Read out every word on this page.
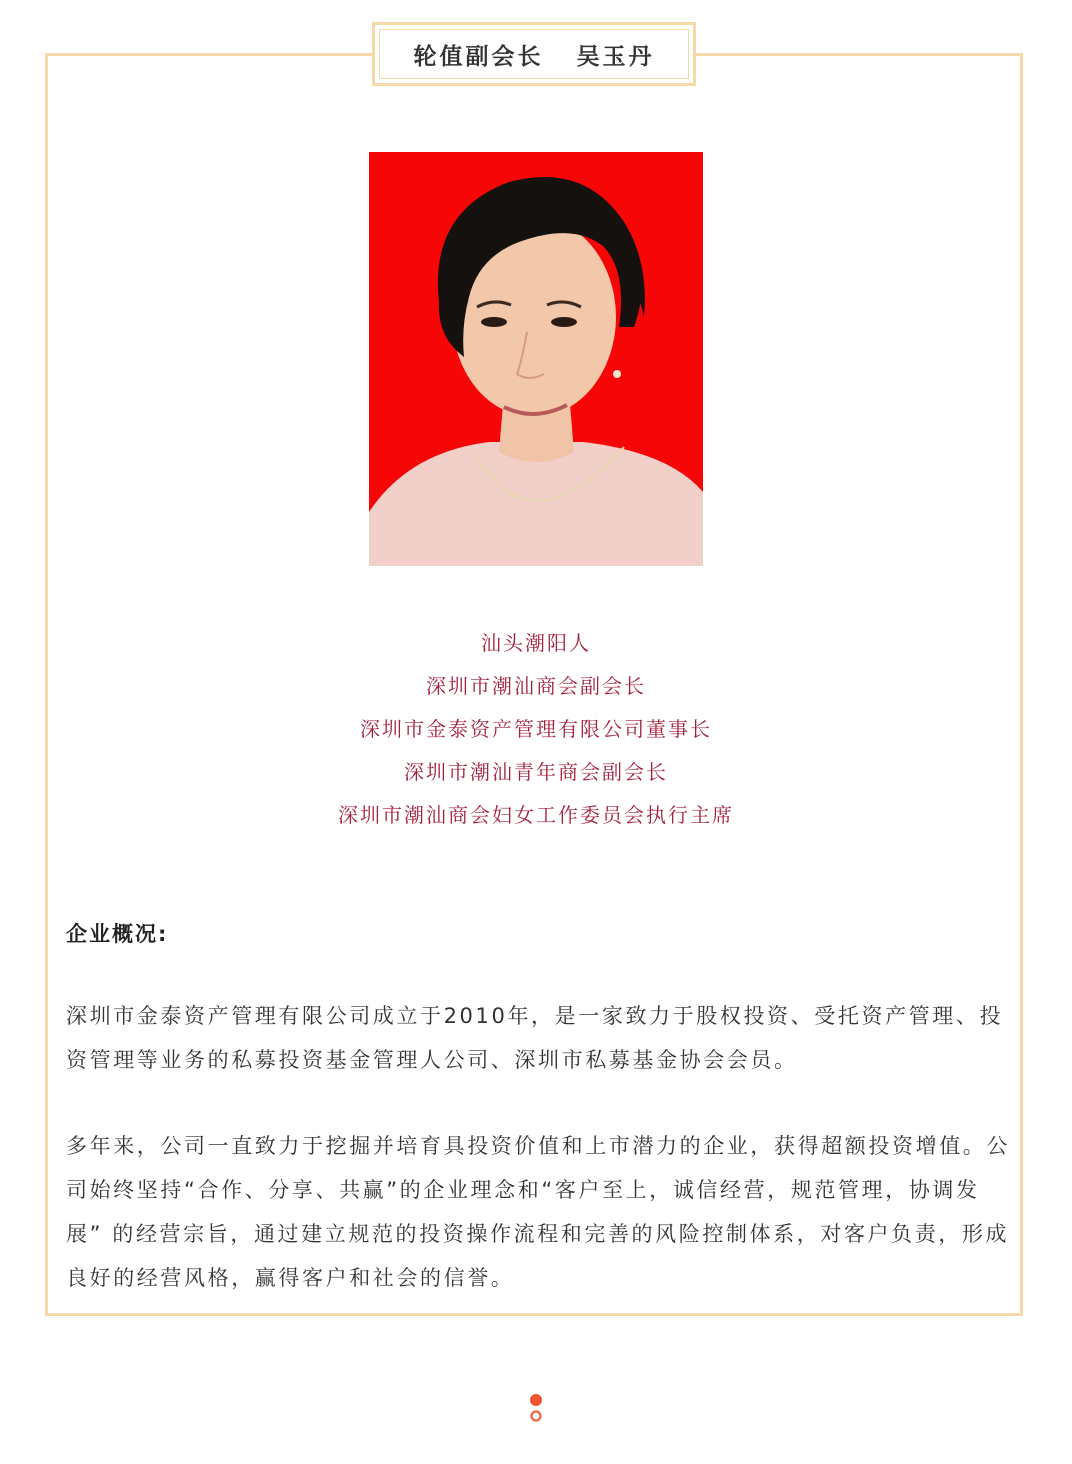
轮值副会长   吴玉丹
汕头潮阳人
深圳市潮汕商会副会长
深圳市金泰资产管理有限公司董事长
深圳市潮汕青年商会副会长
深圳市潮汕商会妇女工作委员会执行主席
企业概况:
深圳市金泰资产管理有限公司成立于2010年，是一家致力于股权投资、受托资产管理、投资管理等业务的私募投资基金管理人公司、深圳市私募基金协会会员。
多年来，公司一直致力于挖掘并培育具投资价值和上市潜力的企业，获得超额投资增值。公司始终坚持“合作、分享、共赢”的企业理念和“客户至上，诚信经营，规范管理，协调发展” 的经营宗旨，通过建立规范的投资操作流程和完善的风险控制体系，对客户负责，形成良好的经营风格，赢得客户和社会的信誉。
